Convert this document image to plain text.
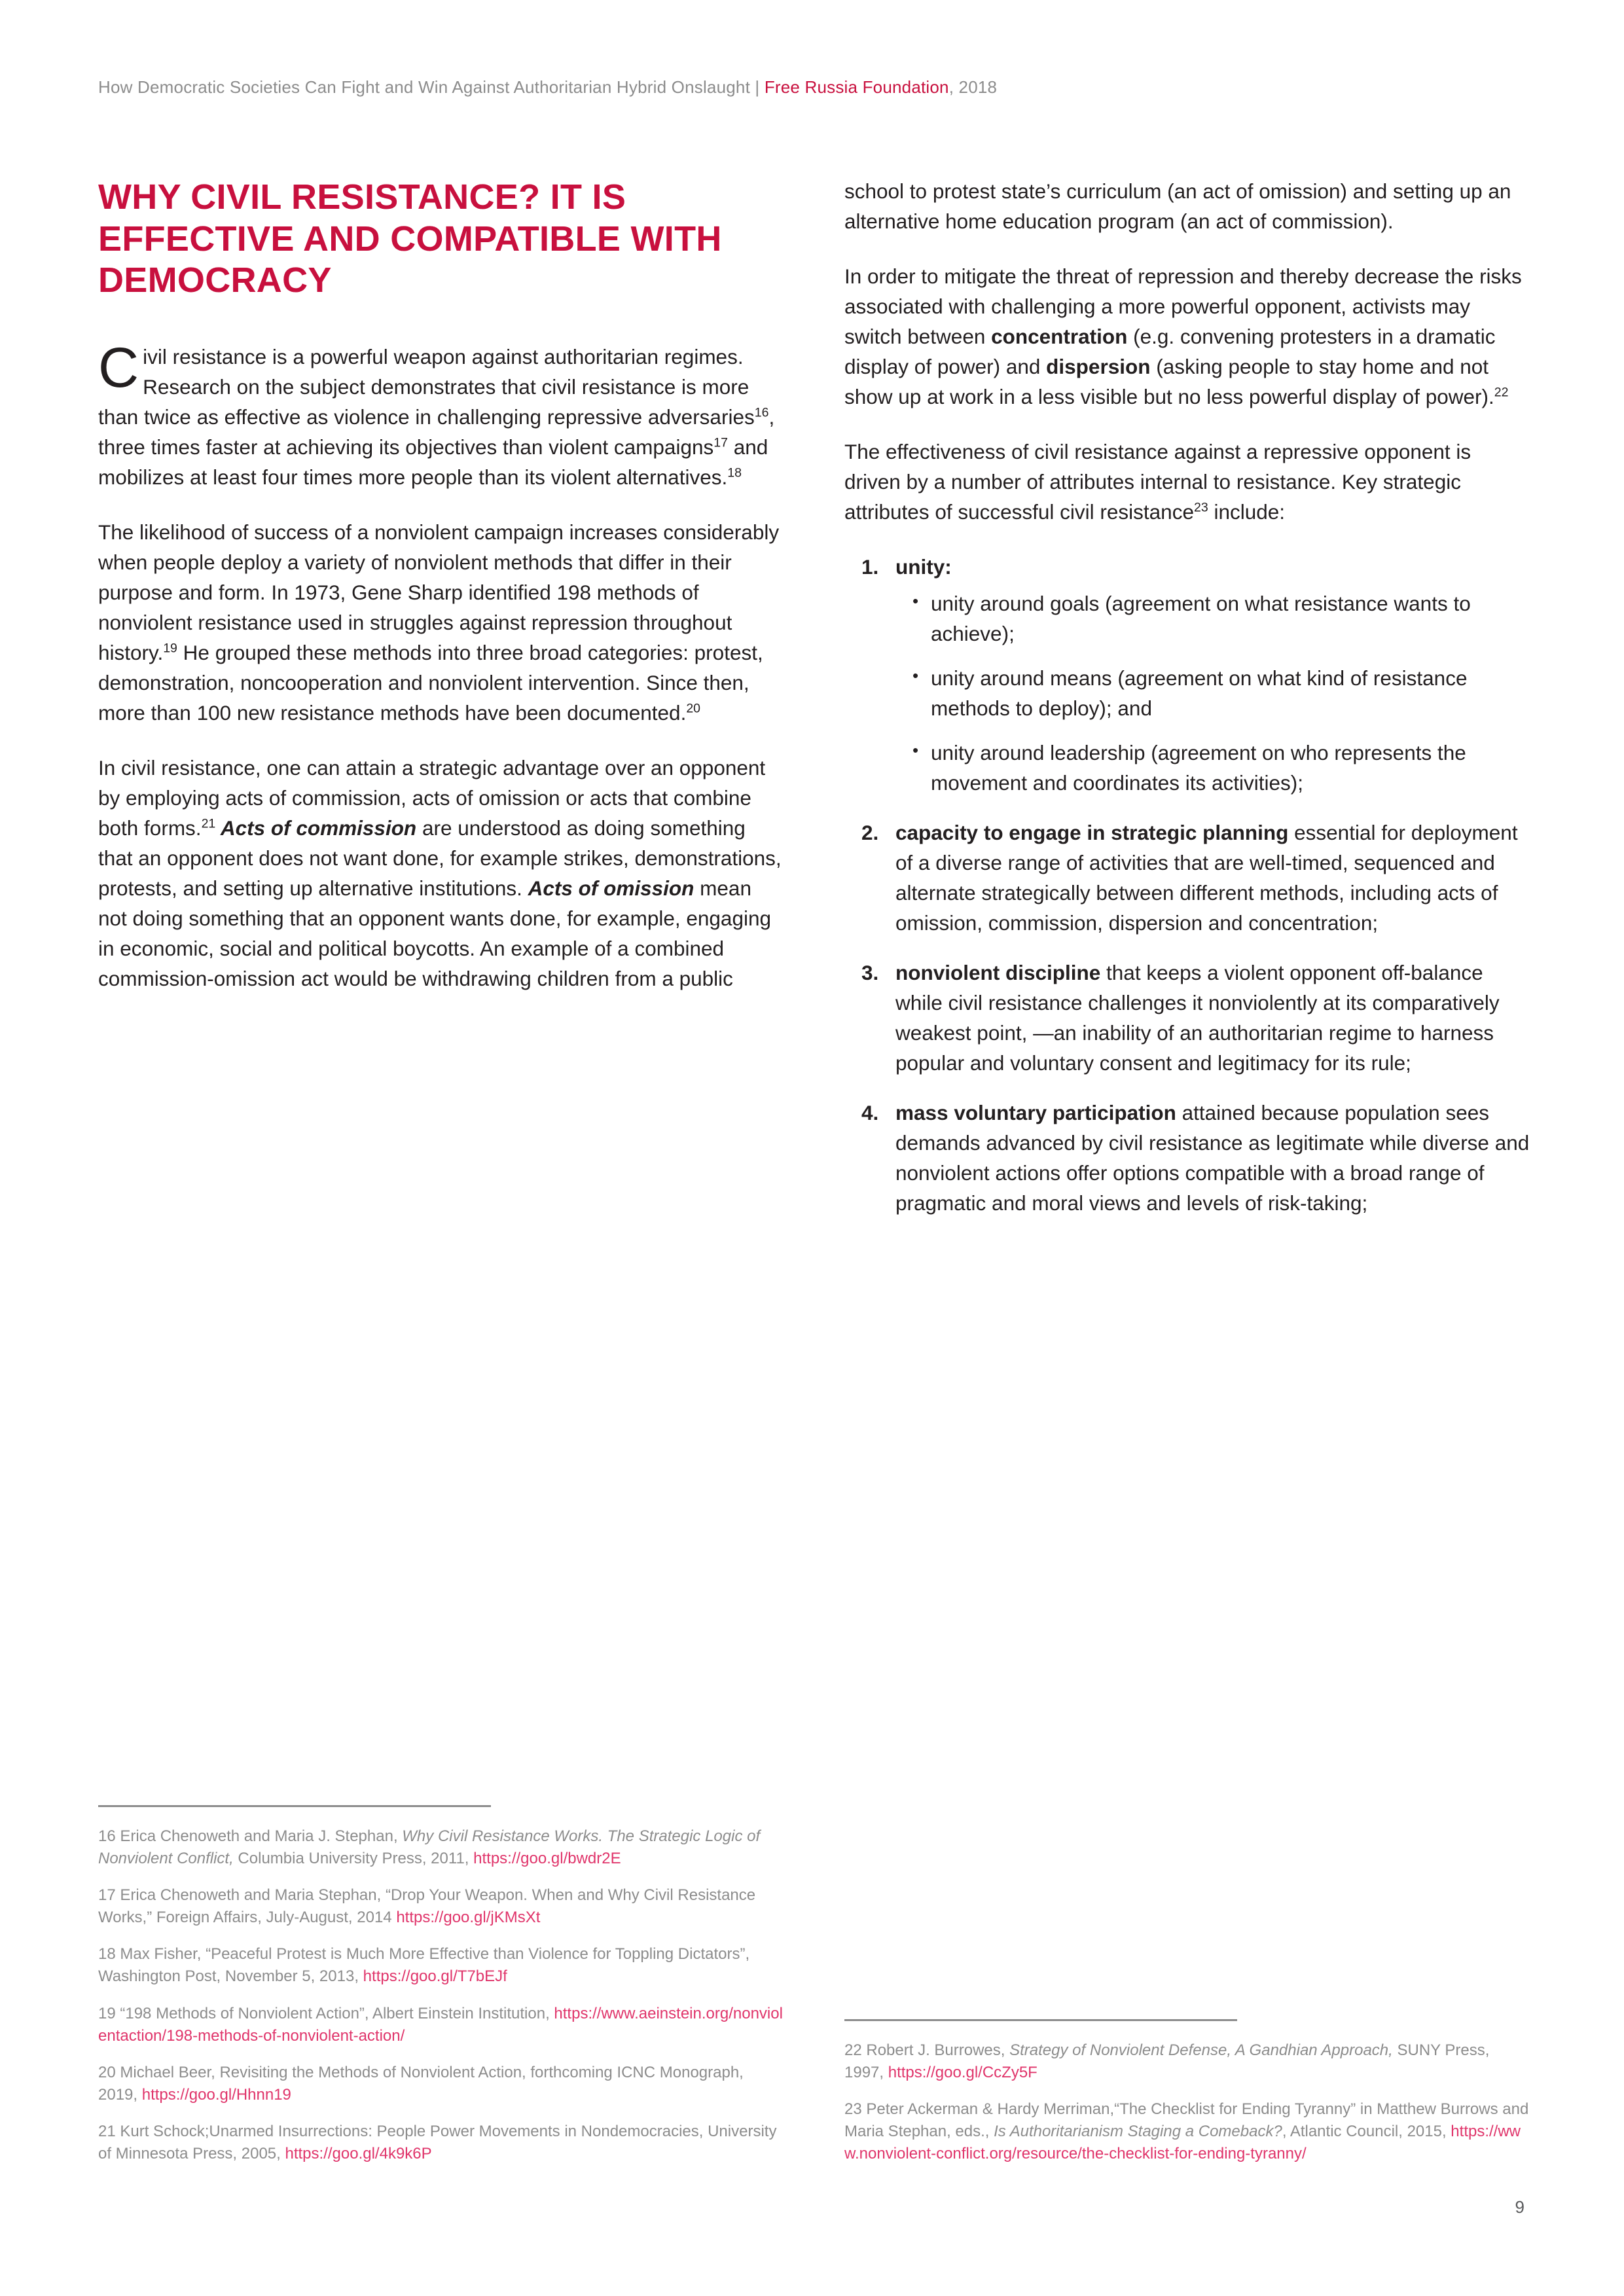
How Democratic Societies Can Fight and Win Against Authoritarian Hybrid Onslaught | Free Russia Foundation, 2018
WHY CIVIL RESISTANCE? IT IS EFFECTIVE AND COMPATIBLE WITH DEMOCRACY

Civil resistance is a powerful weapon against authoritarian regimes. Research on the subject demonstrates that civil resistance is more than twice as effective as violence in challenging repressive adversaries$^{16}$, three times faster at achieving its objectives than violent campaigns$^{17}$ and mobilizes at least four times more people than its violent alternatives.$^{18}$

The likelihood of success of a nonviolent campaign increases considerably when people deploy a variety of nonviolent methods that differ in their purpose and form. In 1973, Gene Sharp identified 198 methods of nonviolent resistance used in struggles against repression throughout history.$^{19}$ He grouped these methods into three broad categories: protest, demonstration, noncooperation and nonviolent intervention. Since then, more than 100 new resistance methods have been documented.$^{20}$

In civil resistance, one can attain a strategic advantage over an opponent by employing acts of commission, acts of omission or acts that combine both forms.$^{21}$ Acts of commission are understood as doing something that an opponent does not want done, for example strikes, demonstrations, protests, and setting up alternative institutions. Acts of omission mean not doing something that an opponent wants done, for example, engaging in economic, social and political boycotts. An example of a combined commission-omission act would be withdrawing children from a public

school to protest state’s curriculum (an act of omission) and setting up an alternative home education program (an act of commission).

In order to mitigate the threat of repression and thereby decrease the risks associated with challenging a more powerful opponent, activists may switch between concentration (e.g. convening protesters in a dramatic display of power) and dispersion (asking people to stay home and not show up at work in a less visible but no less powerful display of power).$^{22}$

The effectiveness of civil resistance against a repressive opponent is driven by a number of attributes internal to resistance. Key strategic attributes of successful civil resistance$^{23}$ include:

unity:
• unity around goals (agreement on what resistance wants to achieve);
• unity around means (agreement on what kind of resistance methods to deploy); and
• unity around leadership (agreement on who represents the movement and coordinates its activities);
capacity to engage in strategic planning essential for deployment of a diverse range of activities that are well-timed, sequenced and alternate strategically between different methods, including acts of omission, commission, dispersion and concentration;
nonviolent discipline that keeps a violent opponent off-balance while civil resistance challenges it nonviolently at its comparatively weakest point, —an inability of an authoritarian regime to harness popular and voluntary consent and legitimacy for its rule;
mass voluntary participation attained because population sees demands advanced by civil resistance as legitimate while diverse and nonviolent actions offer options compatible with a broad range of pragmatic and moral views and levels of risk-taking;

16 Erica Chenoweth and Maria J. Stephan, Why Civil Resistance Works. The Strategic Logic of Nonviolent Conflict, Columbia University Press, 2011, https://goo.gl/bwdr2E

17 Erica Chenoweth and Maria Stephan, “Drop Your Weapon. When and Why Civil Resistance Works,” Foreign Affairs, July-August, 2014 https://goo.gl/jKMsXt

18 Max Fisher, “Peaceful Protest is Much More Effective than Violence for Toppling Dictators”, Washington Post, November 5, 2013, https://goo.gl/T7bEJf

19 “198 Methods of Nonviolent Action”, Albert Einstein Institution, https://www.aeinstein.org/nonviolentaction/198-methods-of-nonviolent-action/

20 Michael Beer, Revisiting the Methods of Nonviolent Action, forthcoming ICNC Monograph, 2019, https://goo.gl/Hhnn19

21 Kurt Schock;Unarmed Insurrections: People Power Movements in Nondemocracies, University of Minnesota Press, 2005, https://goo.gl/4k9k6P

22 Robert J. Burrowes, Strategy of Nonviolent Defense, A Gandhian Approach, SUNY Press, 1997, https://goo.gl/CcZy5F

23 Peter Ackerman & Hardy Merriman,“The Checklist for Ending Tyranny” in Matthew Burrows and Maria Stephan, eds., Is Authoritarianism Staging a Comeback?, Atlantic Council, 2015, https://www.nonviolent-conflict.org/resource/the-checklist-for-ending-tyranny/

9
